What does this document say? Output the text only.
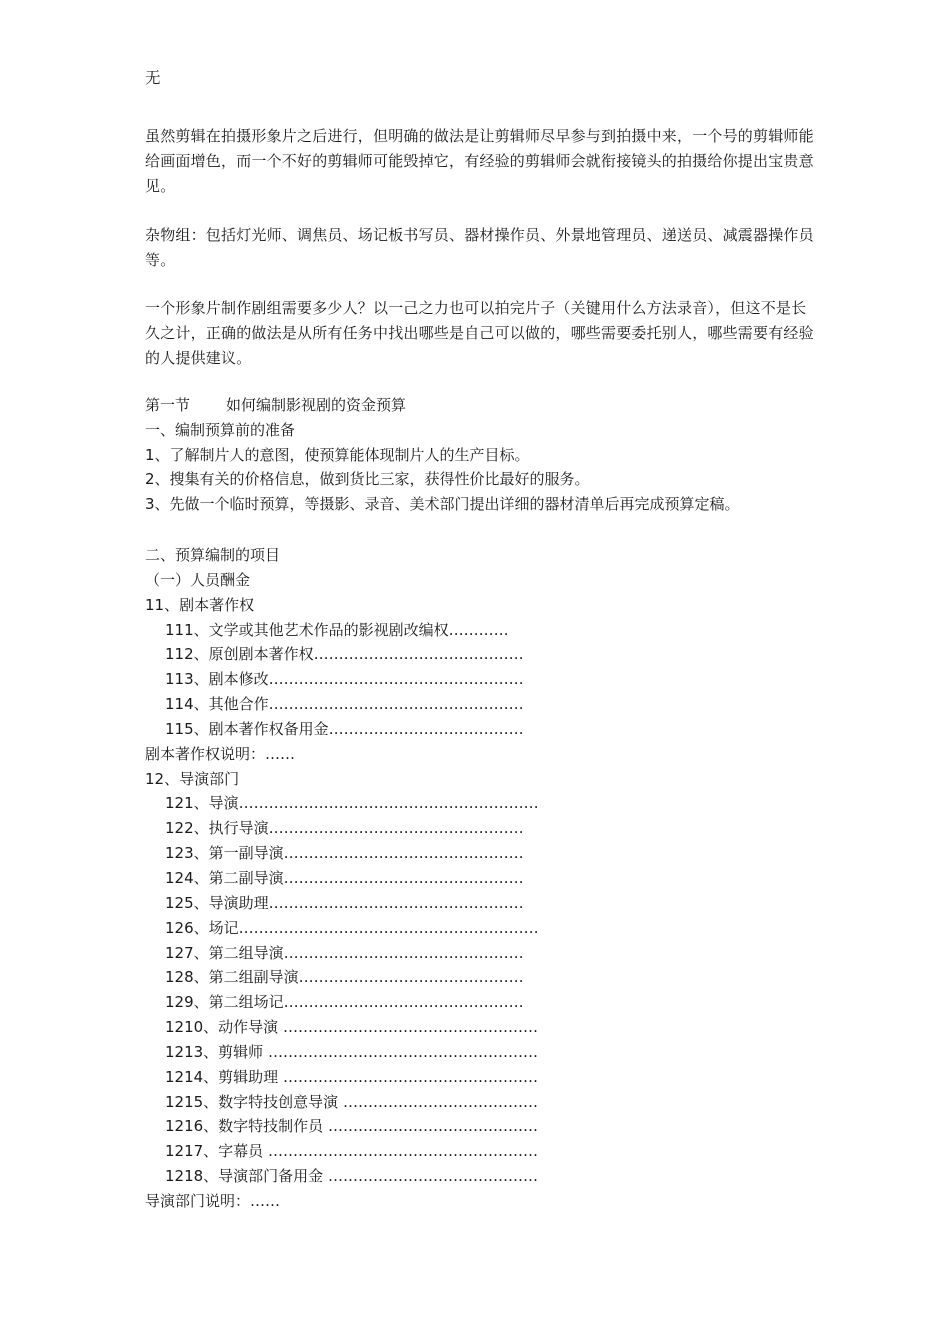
无
虽然剪辑在拍摄形象片之后进行，但明确的做法是让剪辑师尽早参与到拍摄中来，一个号的剪辑师能给画面增色，而一个不好的剪辑师可能毁掉它，有经验的剪辑师会就衔接镜头的拍摄给你提出宝贵意见。
杂物组：包括灯光师、调焦员、场记板书写员、器材操作员、外景地管理员、递送员、减震器操作员等。
一个形象片制作剧组需要多少人？以一己之力也可以拍完片子（关键用什么方法录音），但这不是长久之计，正确的做法是从所有任务中找出哪些是自己可以做的，哪些需要委托别人，哪些需要有经验的人提供建议。
第一节 如何编制影视剧的资金预算
一、编制预算前的准备
1、了解制片人的意图，使预算能体现制片人的生产目标。
2、搜集有关的价格信息，做到货比三家，获得性价比最好的服务。
3、先做一个临时预算，等摄影、录音、美术部门提出详细的器材清单后再完成预算定稿。
二、预算编制的项目
（一）人员酬金
11、剧本著作权
111、文学或其他艺术作品的影视剧改编权…………
112、原创剧本著作权……………………………………
113、剧本修改……………………………………………
114、其他合作……………………………………………
115、剧本著作权备用金…………………………………
剧本著作权说明：……
12、导演部门
121、导演……………………………………………………
122、执行导演……………………………………………
123、第一副导演…………………………………………
124、第二副导演…………………………………………
125、导演助理……………………………………………
126、场记……………………………………………………
127、第二组导演…………………………………………
128、第二组副导演………………………………………
129、第二组场记…………………………………………
1210、动作导演 ……………………………………………
1213、剪辑师 ………………………………………………
1214、剪辑助理 ……………………………………………
1215、数字特技创意导演 …………………………………
1216、数字特技制作员 ……………………………………
1217、字幕员 ………………………………………………
1218、导演部门备用金 ……………………………………
导演部门说明：……
